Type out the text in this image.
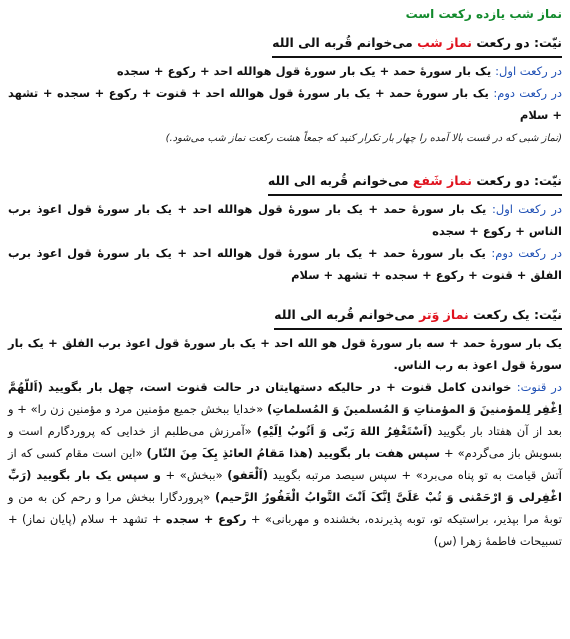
نماز شب یازده رکعت است
نیّت: دو رکعت نماز شب می‌خوانم قُربه الی الله
در رکعت اول: یک بار سورهٔ حمد + یک بار سورهٔ قول هوالله احد + رکوع + سجده
در رکعت دوم: یک بار سورهٔ حمد + یک بار سورهٔ قول هوالله احد + قنوت + رکوع + سجده + تشهد + سلام
(نماز شبی که در قست بالا آمده را چهار بار تکرار کنید که جمعاً هشت رکعت نماز شب می‌شود.)
نیّت: دو رکعت نماز شَفع می‌خوانم قُربه الی الله
در رکعت اول: یک بار سورهٔ حمد + یک بار سورهٔ قول هوالله احد + یک بار سورهٔ قول اعوذ برب الناس + رکوع + سجده
در رکعت دوم: یک بار سورهٔ حمد + یک بار سورهٔ قول هوالله احد + یک بار سورهٔ قول اعوذ برب الفلق + قنوت + رکوع + سجده + تشهد + سلام
نیّت: یک رکعت نماز وَتر می‌خوانم قُربه الی الله
یک بار سورهٔ حمد + سه بار سورهٔ قول هو الله احد + یک بار سورهٔ قول اعوذ برب الفلق + یک بار سورهٔ قول اعوذ به رب الناس.
در قنوت: خواندن کامل قنوت + در حالیکه دستهایتان در حالت قنوت است، چهل بار بگویید (اَللّهُمَّ اِغْفِر لِلمؤمنينَ وَ المؤمناتِ وَ المُسلمينَ وَ المُسلماتِ) «خدایا ببخش جمیع مؤمنین مرد و مؤمنین زن را» + و بعد از آن هفتاد بار بگویید (اَسْتَغْفِرُ اللهَ رَبّی وَ اَتُوبُ اِلَیْهِ) «آمرزش می‌طلبم از خدایی که پروردگارم است و بسویش باز می‌گردم» + سپس هفت بار بگویید (هذا مَقامُ العائذِ بِکَ مِنَ النّار) «این است مقام کسی که از آتش قیامت به تو پناه می‌برد» + سپس سیصد مرتبه بگویید (اَلْعَفو) «ببخش» + و سپس یک بار بگویید (رَبِّ اغْفِرلی وَ ارْحَمْنی وَ تُبْ عَلَیَّ اِنَّکَ اَنْتَ التَّوابُ الْغَفُورُ الرَّحیم) «پروردگارا ببخش مرا و رحم کن به من و توبهٔ مرا بپذیر، براستیکه تو، توبه پذیرنده، بخشنده و مهربانی» + رکوع + سجده + تشهد + سلام (پایان نماز) + تسبیحات فاطمهٔ زهرا (س)
